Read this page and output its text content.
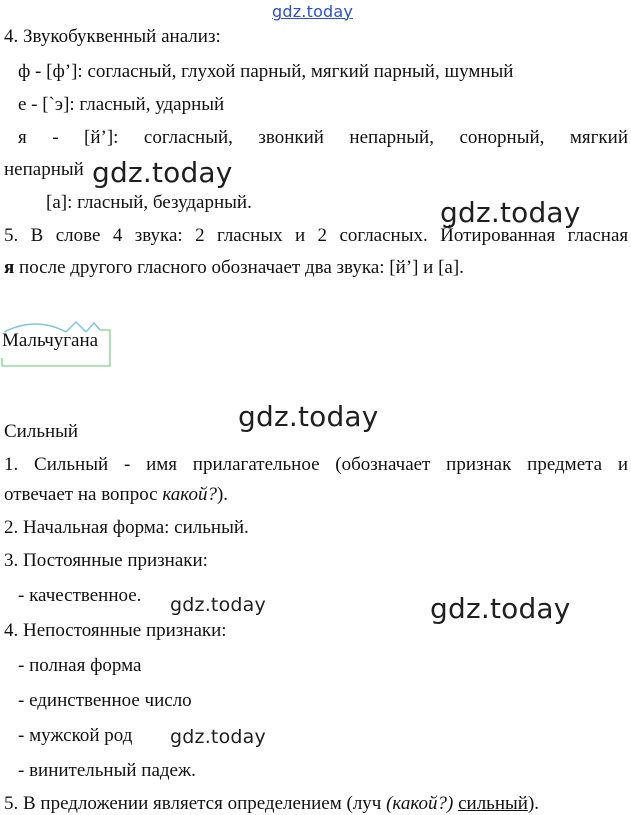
gdz.today
gdz.today
gdz.today
gdz.today
gdz.today	gdz.today
gdz.today
4. Звукобуквенный анализ:
ф - [ф’]: согласный, глухой парный, мягкий парный, шумный
е - [`э]: гласный, ударный
я - [й’]: согласный, звонкий непарный, сонорный, мягкий
непарный
[а]: гласный, безударный.
5. В слове 4 звука: 2 гласных и 2 согласных. Йотированная гласная
я после другого гласного обозначает два звука: [й’] и [а].
Мальчугана
Сильный
1. Сильный - имя прилагательное (обозначает признак предмета и
отвечает на вопрос какой?).
2. Начальная форма: сильный.
3. Постоянные признаки:
- качественное.
4. Непостоянные признаки:
- полная форма
- единственное число
- мужской род
- винительный падеж.
5. В предложении является определением (луч (какой?) сильный).
